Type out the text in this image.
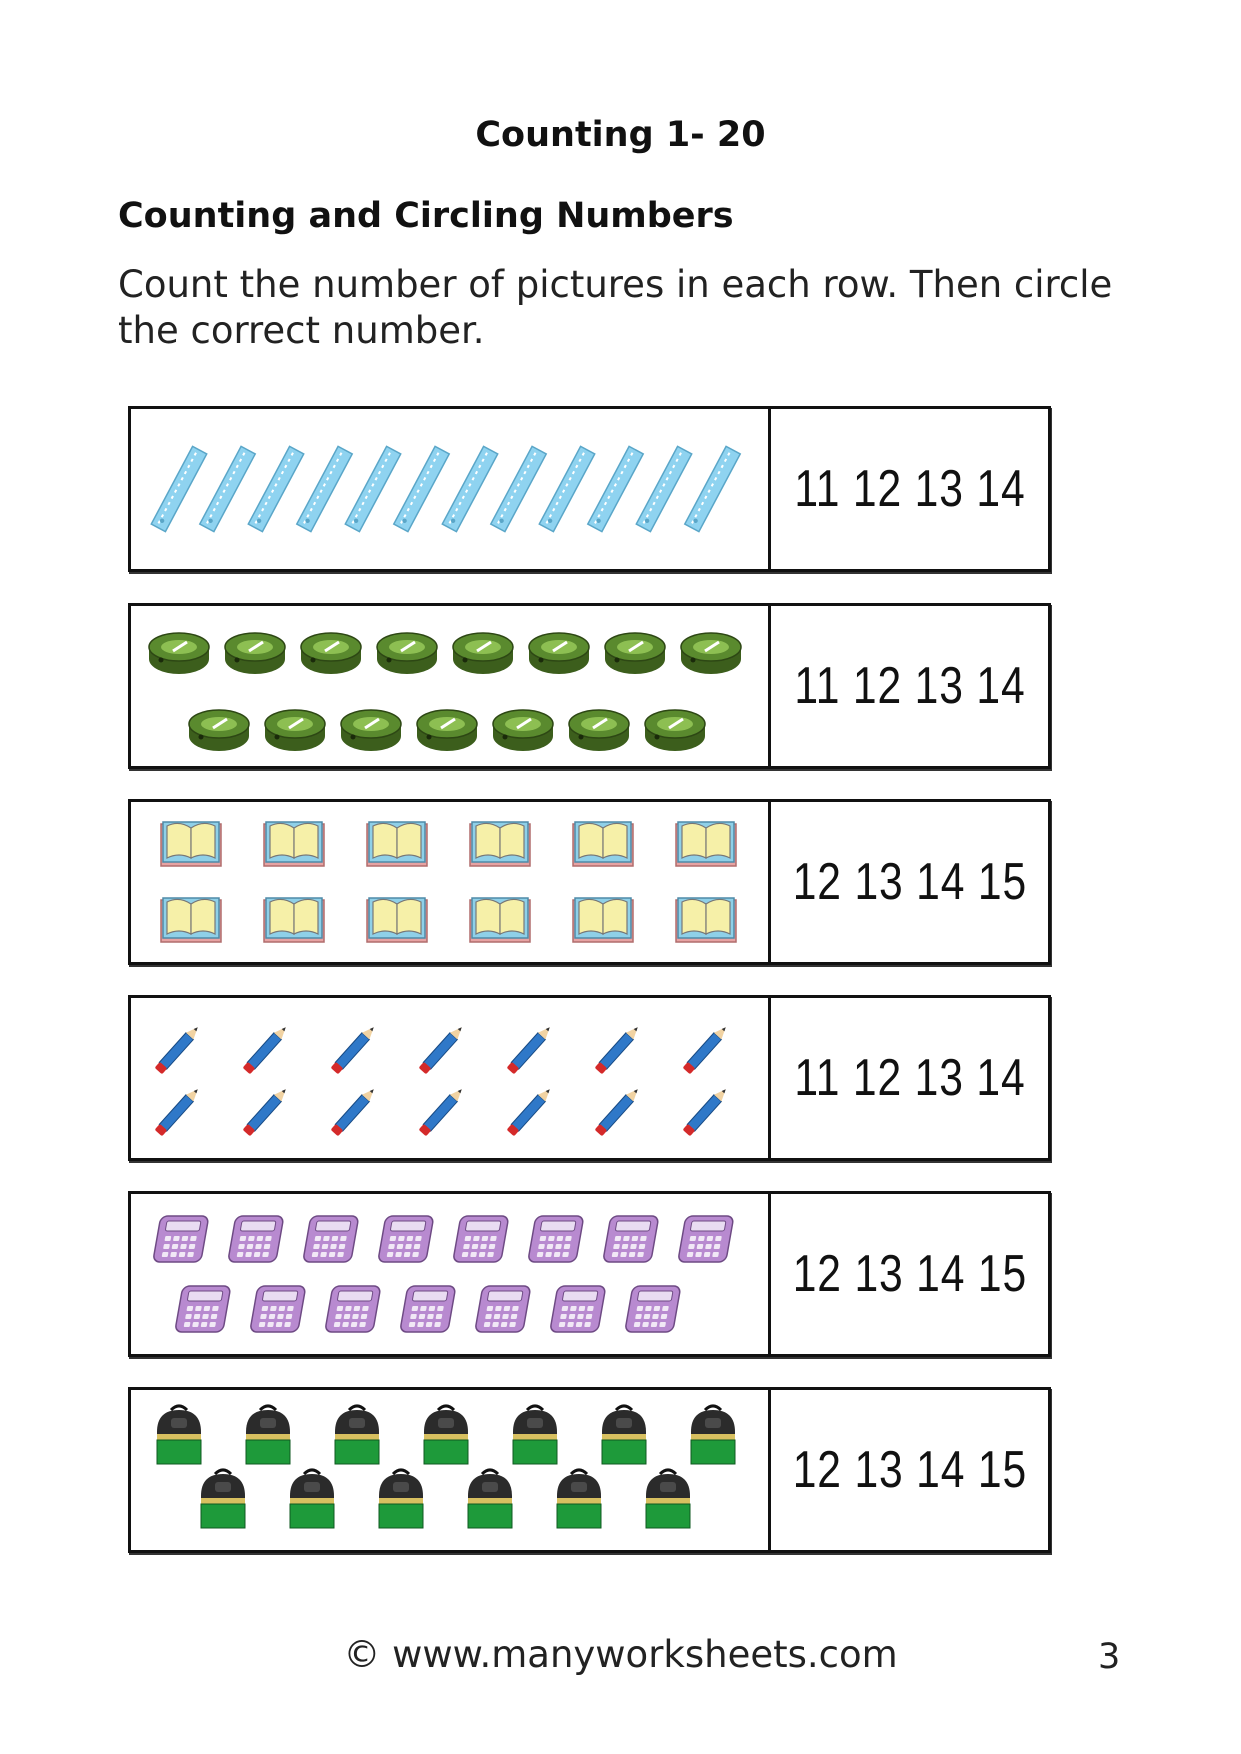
Counting 1- 20
Counting and Circling Numbers
Count the number of pictures in each row. Then circle the correct number.
11 12 13 14
11 12 13 14
12 13 14 15
11 12 13 14
12 13 14 15
12 13 14 15
© www.manyworksheets.com	3
